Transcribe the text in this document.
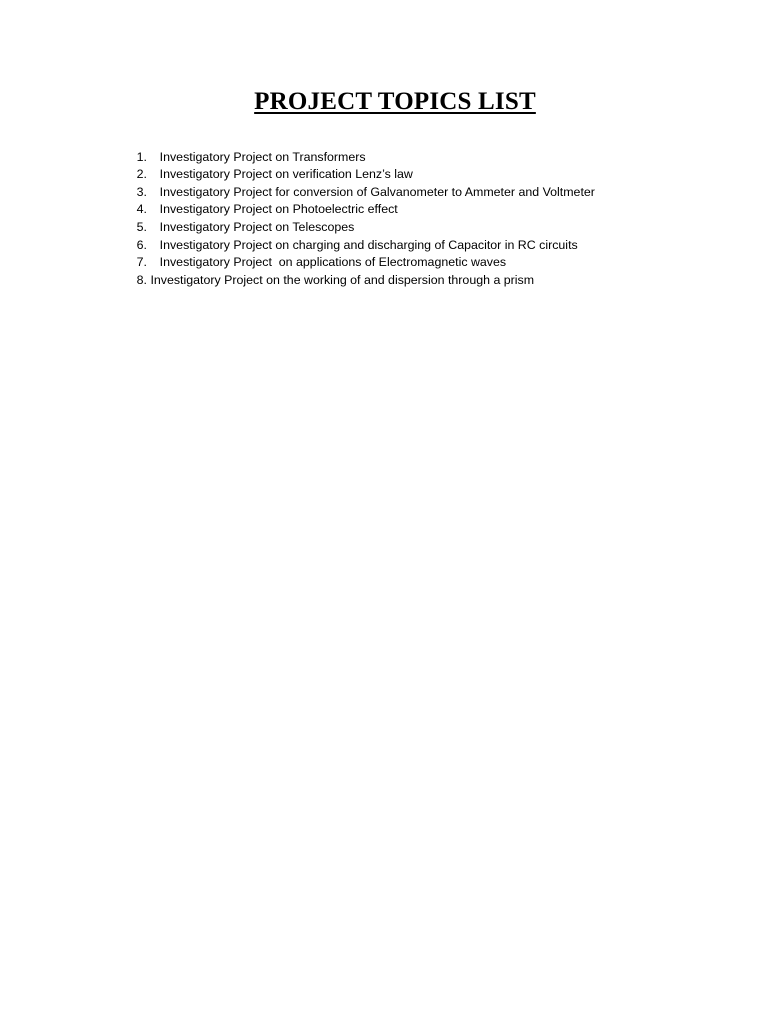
PROJECT TOPICS LIST

1. Investigatory Project on Transformers

2. Investigatory Project on verification Lenz’s law

3. Investigatory Project for conversion of Galvanometer to Ammeter and Voltmeter

4. Investigatory Project on Photoelectric effect

5. Investigatory Project on Telescopes

6. Investigatory Project on charging and discharging of Capacitor in RC circuits

7. Investigatory Project  on applications of Electromagnetic waves

8. Investigatory Project on the working of and dispersion through a prism
